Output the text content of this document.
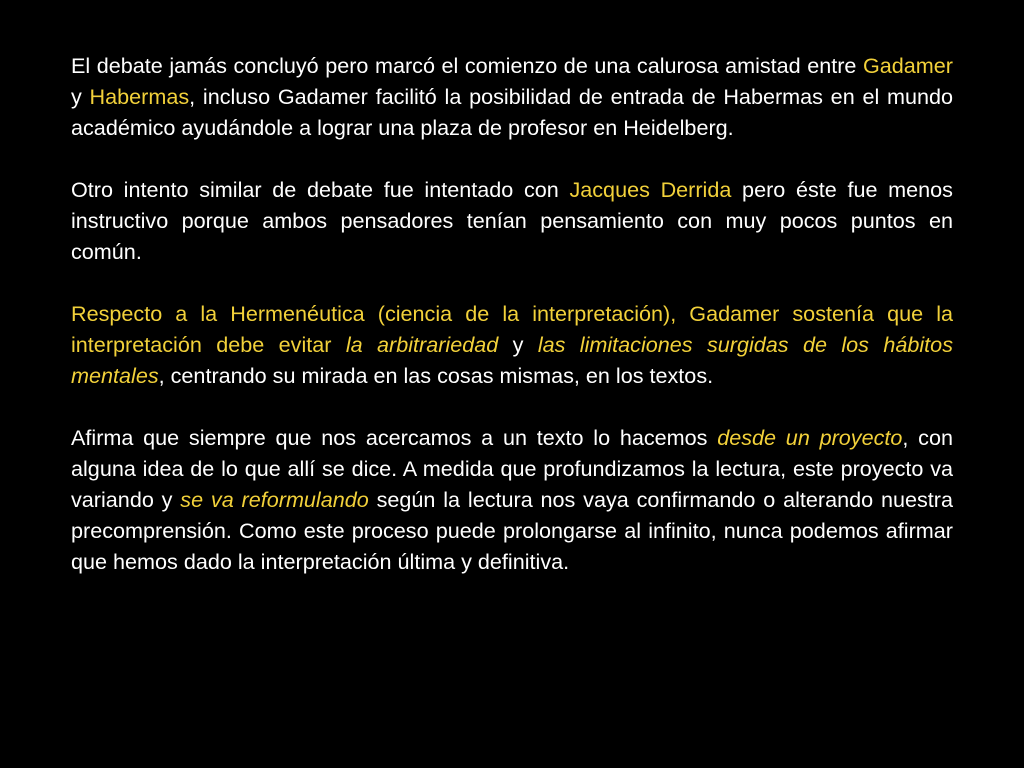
El debate jamás concluyó pero marcó el comienzo de una calurosa amistad entre Gadamer y Habermas, incluso Gadamer facilitó la posibilidad de entrada de Habermas en el mundo académico ayudándole a lograr una plaza de profesor en Heidelberg.

Otro intento similar de debate fue intentado con Jacques Derrida pero éste fue menos instructivo porque ambos pensadores tenían pensamiento con muy pocos puntos en común.

Respecto a la Hermenéutica (ciencia de la interpretación), Gadamer sostenía que la interpretación debe evitar la arbitrariedad y las limitaciones surgidas de los hábitos mentales, centrando su mirada en las cosas mismas, en los textos.

Afirma que siempre que nos acercamos a un texto lo hacemos desde un proyecto, con alguna idea de lo que allí se dice. A medida que profundizamos la lectura, este proyecto va variando y se va reformulando según la lectura nos vaya confirmando o alterando nuestra precomprensión. Como este proceso puede prolongarse al infinito, nunca podemos afirmar que hemos dado la interpretación última y definitiva.
